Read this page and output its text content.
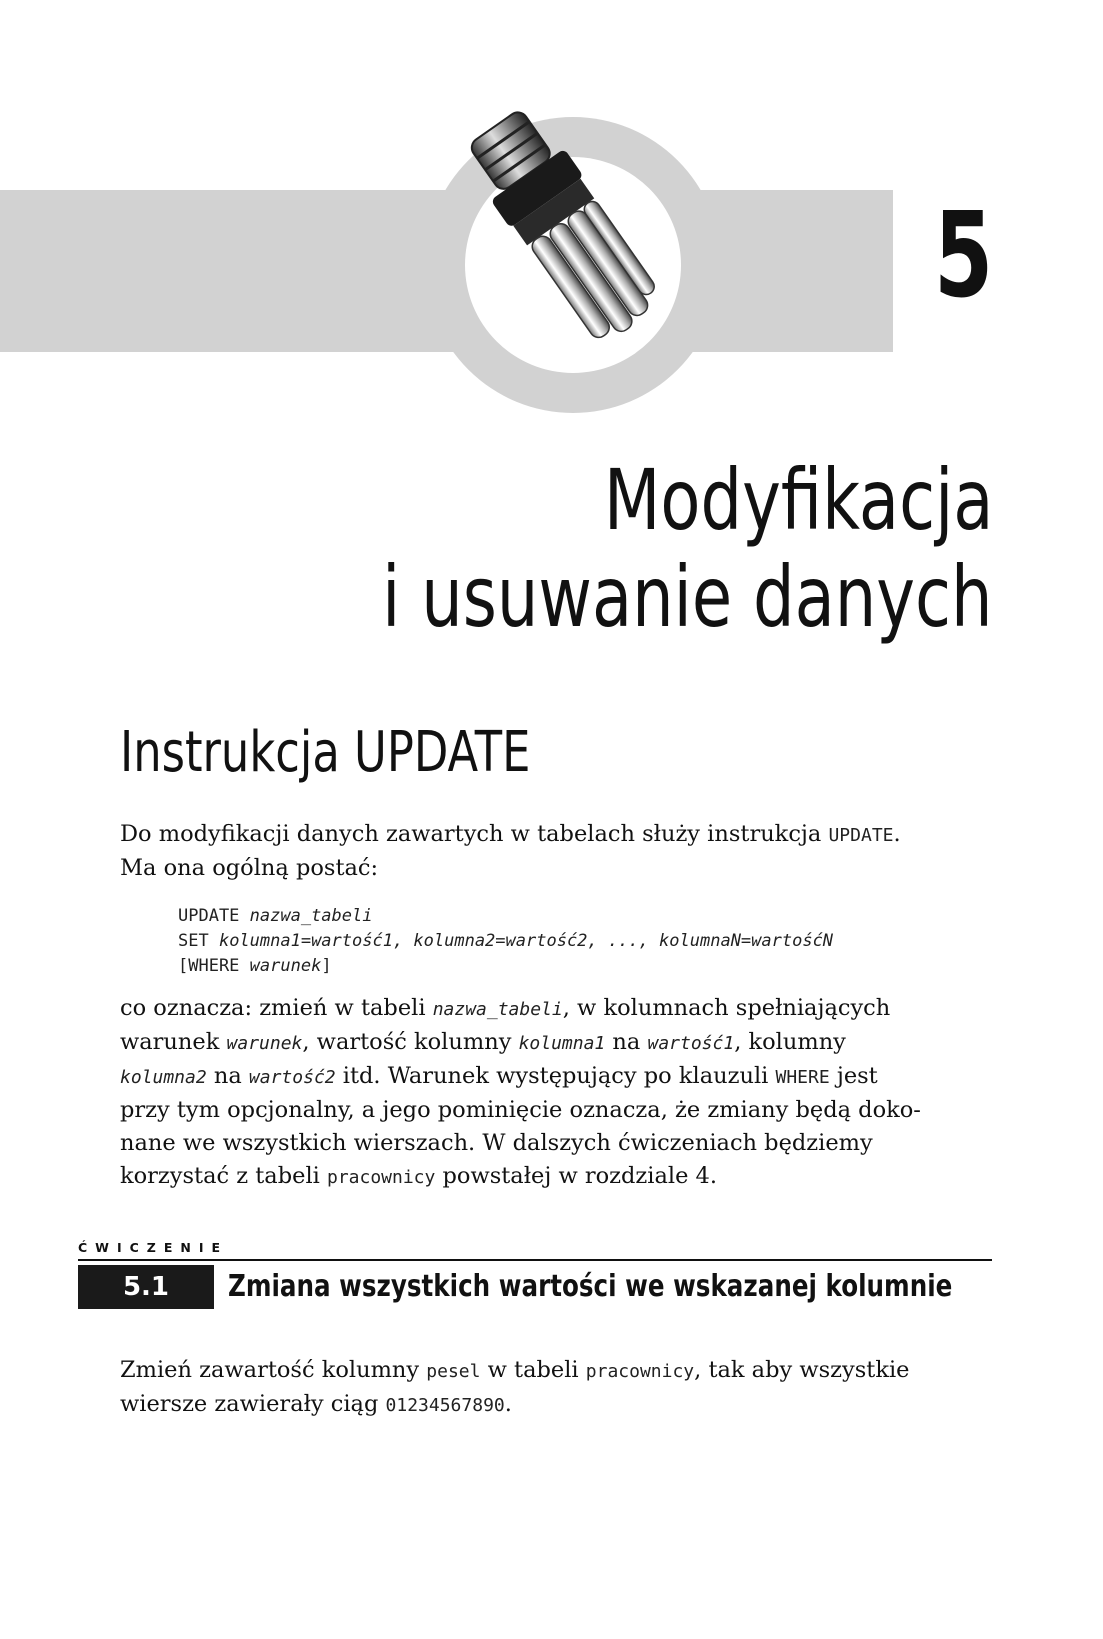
5
Modyfikacja
i usuwanie danych
Instrukcja UPDATE
Do modyfikacji danych zawartych w tabelach służy instrukcja UPDATE.
Ma ona ogólną postać:
UPDATE nazwa_tabeli
SET kolumna1=wartość1, kolumna2=wartość2, ..., kolumnaN=wartośćN
[WHERE warunek]
co oznacza: zmień w tabeli nazwa_tabeli, w kolumnach spełniających
warunek warunek, wartość kolumny kolumna1 na wartość1, kolumny
kolumna2 na wartość2 itd. Warunek występujący po klauzuli WHERE jest
przy tym opcjonalny, a jego pominięcie oznacza, że zmiany będą doko-
nane we wszystkich wierszach. W dalszych ćwiczeniach będziemy
korzystać z tabeli pracownicy powstałej w rozdziale 4.
ĆWICZENIE
5.1	Zmiana wszystkich wartości we wskazanej kolumnie
Zmień zawartość kolumny pesel w tabeli pracownicy, tak aby wszystkie
wiersze zawierały ciąg 01234567890.
